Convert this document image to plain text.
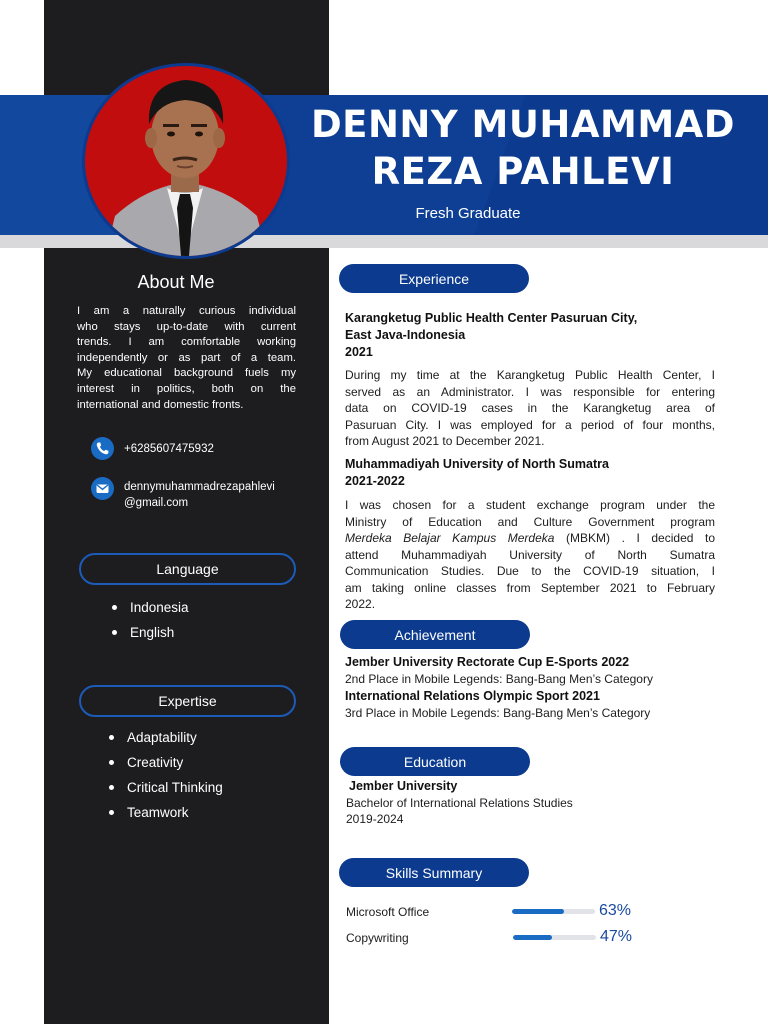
DENNY MUHAMMAD
REZA PAHLEVI
Fresh Graduate
About Me
I am a naturally curious individual
who stays up-to-date with current
trends. I am comfortable working
independently or as part of a team.
My educational background fuels my
interest in politics, both on the
international and domestic fronts.
+6285607475932
dennymuhammadrezapahlevi
@gmail.com
Language
Indonesia
English
Expertise
Adaptability
Creativity
Critical Thinking
Teamwork
Experience
Karangketug Public Health Center Pasuruan City,
East Java-Indonesia
2021
During my time at the Karangketug Public Health Center, I
served as an Administrator. I was responsible for entering
data on COVID-19 cases in the Karangketug area of
Pasuruan City. I was employed for a period of four months,
from August 2021 to December 2021.
Muhammadiyah University of North Sumatra
2021-2022
I was chosen for a student exchange program under the
Ministry of Education and Culture Government program
Merdeka Belajar Kampus Merdeka (MBKM) . I decided to
attend Muhammadiyah University of North Sumatra
Communication Studies. Due to the COVID-19 situation, I
am taking online classes from September 2021 to February
2022.
Achievement
Jember University Rectorate Cup E-Sports 2022
2nd Place in Mobile Legends: Bang-Bang Men’s Category
International Relations Olympic Sport 2021
3rd Place in Mobile Legends: Bang-Bang Men’s Category
Education
Jember University
Bachelor of International Relations Studies
2019-2024
Skills Summary
Microsoft Office	63%
Copywriting	47%
